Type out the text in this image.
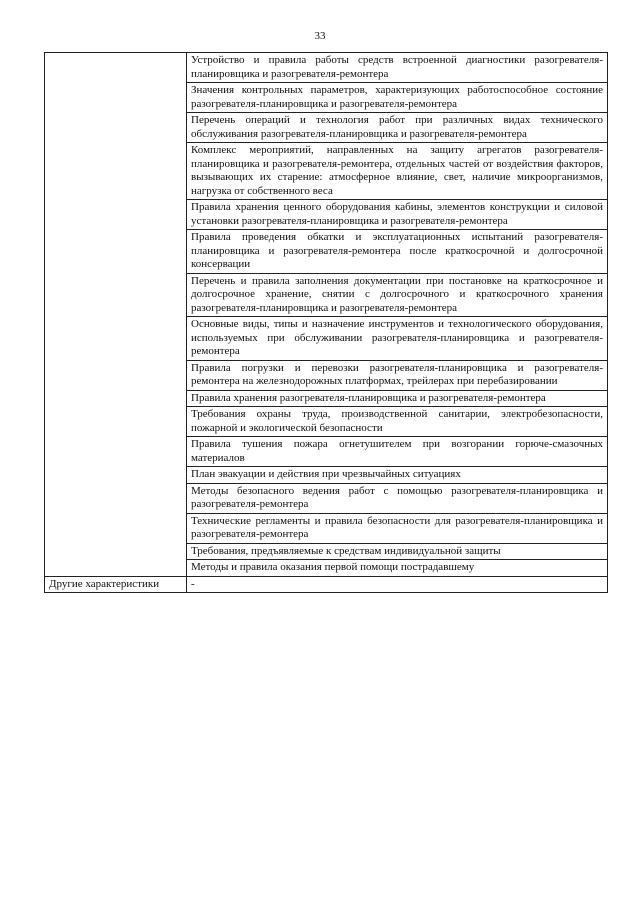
33
	Устройство и правила работы средств встроенной диагностики разогревателя-планировщика и разогревателя-ремонтера
	Значения контрольных параметров, характеризующих работоспособное состояние разогревателя-планировщика и разогревателя-ремонтера
	Перечень операций и технология работ при различных видах технического обслуживания разогревателя-планировщика и разогревателя-ремонтера
	Комплекс мероприятий, направленных на защиту агрегатов разогревателя-планировщика и разогревателя-ремонтера, отдельных частей от воздействия факторов, вызывающих их старение: атмосферное влияние, свет, наличие микроорганизмов, нагрузка от собственного веса
	Правила хранения ценного оборудования кабины, элементов конструкции и силовой установки разогревателя-планировщика и разогревателя-ремонтера
	Правила проведения обкатки и эксплуатационных испытаний разогревателя-планировщика и разогревателя-ремонтера после краткосрочной и долгосрочной консервации
	Перечень и правила заполнения документации при постановке на краткосрочное и долгосрочное хранение, снятии с долгосрочного и краткосрочного хранения разогревателя-планировщика и разогревателя-ремонтера
	Основные виды, типы и назначение инструментов и технологического оборудования, используемых при обслуживании разогревателя-планировщика и разогревателя-ремонтера
	Правила погрузки и перевозки разогревателя-планировщика и разогревателя-ремонтера на железнодорожных платформах, трейлерах при перебазировании
	Правила хранения разогревателя-планировщика и разогревателя-ремонтера
	Требования охраны труда, производственной санитарии, электробезопасности, пожарной и экологической безопасности
	Правила тушения пожара огнетушителем при возгорании горюче-смазочных материалов
	План эвакуации и действия при чрезвычайных ситуациях
	Методы безопасного ведения работ с помощью разогревателя-планировщика и разогревателя-ремонтера
	Технические регламенты и правила безопасности для разогревателя-планировщика и разогревателя-ремонтера
	Требования, предъявляемые к средствам индивидуальной защиты
	Методы и правила оказания первой помощи пострадавшему
Другие характеристики	-
